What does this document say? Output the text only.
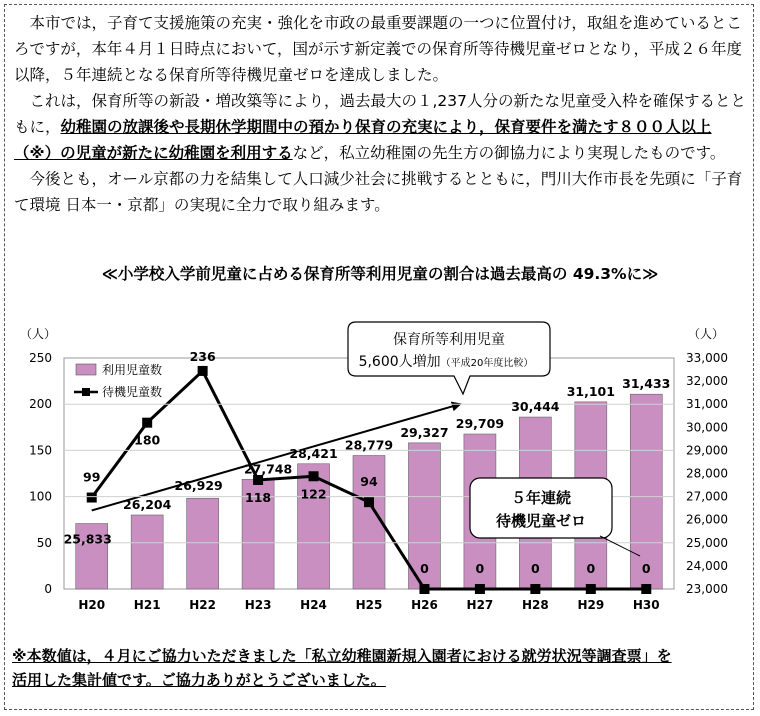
本市では，子育て支援施策の充実・強化を市政の最重要課題の一つに位置付け，取組を進めているところですが，本年４月１日時点において，国が示す新定義での保育所等待機児童ゼロとなり，平成２６年度以降，５年連続となる保育所等待機児童ゼロを達成しました。

これは，保育所等の新設・増改築等により，過去最大の１,237人分の新たな児童受入枠を確保するとともに，幼稚園の放課後や長期休学期間中の預かり保育の充実により，保育要件を満たす８００人以上（※）の児童が新たに幼稚園を利用するなど，私立幼稚園の先生方の御協力により実現したものです。

今後とも，オール京都の力を結集して人口減少社会に挑戦するとともに，門川大作市長を先頭に「子育て環境 日本一・京都」の実現に全力で取り組みます。

≪小学校入学前児童に占める保育所等利用児童の割合は過去最高の 49.3%に≫
0
50
100
150
200
250
23,000
24,000
25,000
26,000
27,000
28,000
29,000
30,000
31,000
32,000
33,000
H20 H21 H22 H23 H24 H25 H26 H27 H28 H29 H30
99
180
236
118 122
94
0	0	0	0	0
25,833
26,204
26,929
27,748
28,421
28,779
29,327
29,709
30,444
31,101
31,433
（人）	（人）
利用児童数
待機児童数
保育所等利用児童
5,600人増加（平成20年度比較）
５年連続
待機児童ゼロ
※本数値は，４月にご協力いただきました「私立幼稚園新規入園者における就労状況等調査票」を
活用した集計値です。ご協力ありがとうございました。
